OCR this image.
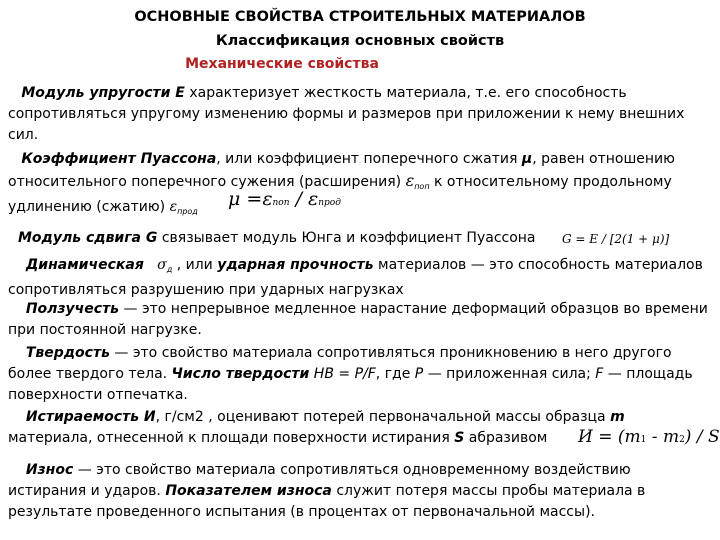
ОСНОВНЫЕ СВОЙСТВА СТРОИТЕЛЬНЫХ МАТЕРИАЛОВ
Классификация основных свойств
Механические свойства
Модуль упругости Е характеризует жесткость материала, т.е. его способность сопротивляться упругому изменению формы и размеров при приложении к нему внешних сил.
Коэффициент Пуассона, или коэффициент поперечного сжатия μ, равен отношению относительного поперечного сужения (расширения) $\varepsilon_{поп}$ к относительному продольному удлинению (сжатию) $\varepsilon_{прод}$
μ =εпоп / εпрод
Модуль сдвига G связывает модуль Юнга и коэффициент Пуассона	G = E / [2(1 + μ)]
Динамическая $\sigma_д$ , или ударная прочность материалов — это способность материалов сопротивляться разрушению при ударных нагрузках
Ползучесть — это непрерывное медленное нарастание деформаций образцов во времени при постоянной нагрузке.
Твердость — это свойство материала сопротивляться проникновению в него другого более твердого тела. Число твердости HB = P/F, где P — приложенная сила; F — площадь поверхности отпечатка.
Истираемость И, г/см2 , оценивают потерей первоначальной массы образца m материала, отнесенной к площади поверхности истирания S абразивом	И = (m1 - m2) / S
Износ — это свойство материала сопротивляться одновременному воздействию истирания и ударов. Показателем износа служит потеря массы пробы материала в результате проведенного испытания (в процентах от первоначальной массы).
